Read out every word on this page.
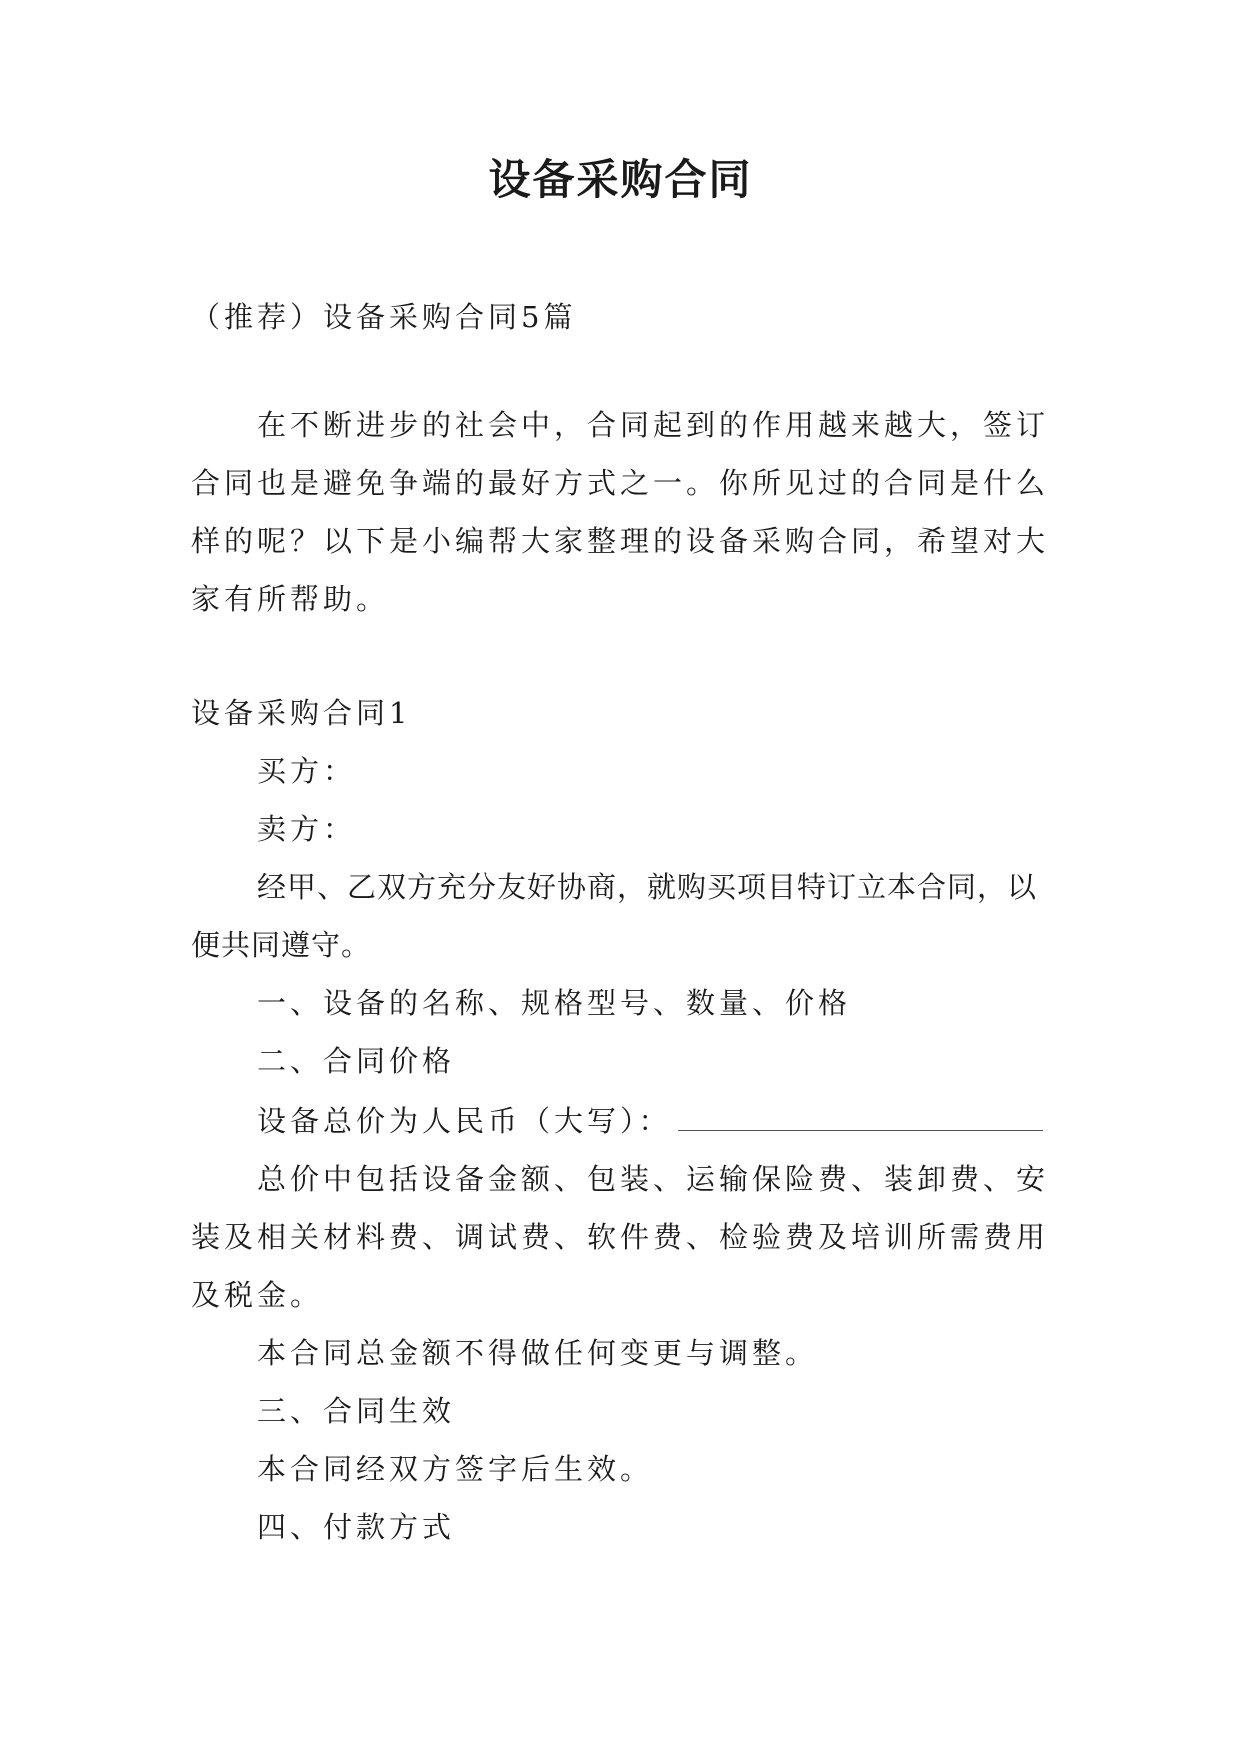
设备采购合同

（推荐）设备采购合同5篇

在不断进步的社会中，合同起到的作用越来越大，签订合同也是避免争端的最好方式之一。你所见过的合同是什么样的呢？以下是小编帮大家整理的设备采购合同，希望对大家有所帮助。

设备采购合同1

买方：

卖方：

经甲、乙双方充分友好协商，就购买项目特订立本合同，以便共同遵守。

一、设备的名称、规格型号、数量、价格

二、合同价格

设备总价为人民币（大写）：

总价中包括设备金额、包装、运输保险费、装卸费、安装及相关材料费、调试费、软件费、检验费及培训所需费用及税金。

本合同总金额不得做任何变更与调整。

三、合同生效

本合同经双方签字后生效。

四、付款方式
